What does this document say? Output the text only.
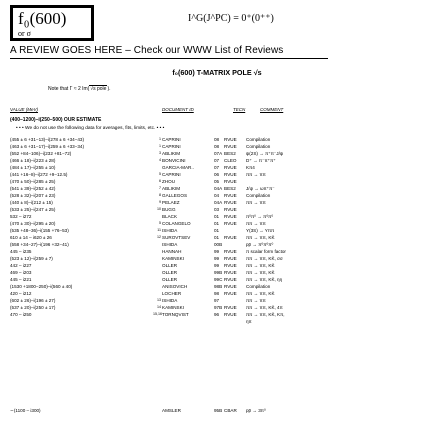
f₀(600)
or σ
I^G(J^PC) = 0⁺(0⁺⁺)
A REVIEW GOES HERE – Check our WWW List of Reviews
f₀(600) T-MATRIX POLE √s
Note that Γ ≈ 2 Im(√s pole).
VALUE (MeV)	DOCUMENT ID	TECN	COMMENT
(400–1200)–i(250–500) OUR ESTIMATE
• • • We do not use the following data for averages, fits, limits, etc. • • •
(455 ± 6 +31−13)–i(278 ± 6 +34−43)	1 CAPRINI	08 RVUE Compilation
(463 ± 6 +31−17)–i(259 ± 6 +33−34)	1 CAPRINI	08 RVUE Compilation
(552 +84−106)–i(232 +81−72)	3 ABLIKIM	07A BES2 ψ(2S) → π⁺π⁻J/ψ
(466 ± 18)–i(223 ± 28)	4 BONVICINI	07 CLEO D⁺ → π⁻π⁺π⁺
(484 ± 17)–i(255 ± 10)	GARCIA-MAR..	07 RVUE Kπ4
(441 +16−8)–i(272 +9−12.5)	5 CAPRINI	06 RVUE ππ → ππ
(470 ± 50)–i(285 ± 25)	6 ZHOU	05 RVUE
(541 ± 39)–i(252 ± 42)	7 ABLIKIM	04A BES2 J/ψ → ωπ⁺π⁻
(528 ± 32)–i(207 ± 23)	8 GALLEGOS	04 RVUE Compilation
(440 ± 8)–i(212 ± 15)	9 PELAEZ	04A RVUE ππ → ππ
(533 ± 25)–i(247 ± 25)	10 BUGG	03 RVUE
532 – i272	BLACK	01 RVUE π⁰π⁰ → π⁰π⁰
(470 ± 30)–i(295 ± 20)	5 COLANGELO	01 RVUE ππ → ππ
(535 +48−36)–i(155 +76−53)	11 ISHIDA	01	Υ(3S) → Υππ
610 ± 14 – i620 ± 26	12 SUROVTSEV	01 RVUE ππ → ππ, KK̄
(558 +34−27)–i(196 +32−41)	ISHIDA	00B	pp̄ → π⁰π⁰π⁰
445 – i235	HANNAH	99 RVUE π scalar form factor
(523 ± 12)–i(259 ± 7)	KAMINSKI	99 RVUE ππ → ππ, KK̄, σσ
442 – i227	OLLER	99 RVUE ππ → ππ, KK̄
469 – i203	OLLER	99B RVUE ππ → ππ, KK̄
445 – i221	OLLER	99C RVUE ππ → ππ, KK̄, ηη
(1530 +1800−250)–i(560 ± 40)	ANISOVICH	98B RVUE Compilation
420 – i212	LOCHER	98 RVUE ππ → ππ, KK̄
(602 ± 26)–i(196 ± 27)	13 ISHIDA	97	ππ → ππ
(537 ± 20)–i(250 ± 17)	14 KAMINSKI	97B RVUE ππ → ππ, KK̄, 4π
470 – i250	15,16 TORNQVIST	96 RVUE ππ → ππ, KK̄, Kπ,
ηπ
∼(1100 – i300)	AMSLER	95B CBAR pp̄ → 3π⁰
